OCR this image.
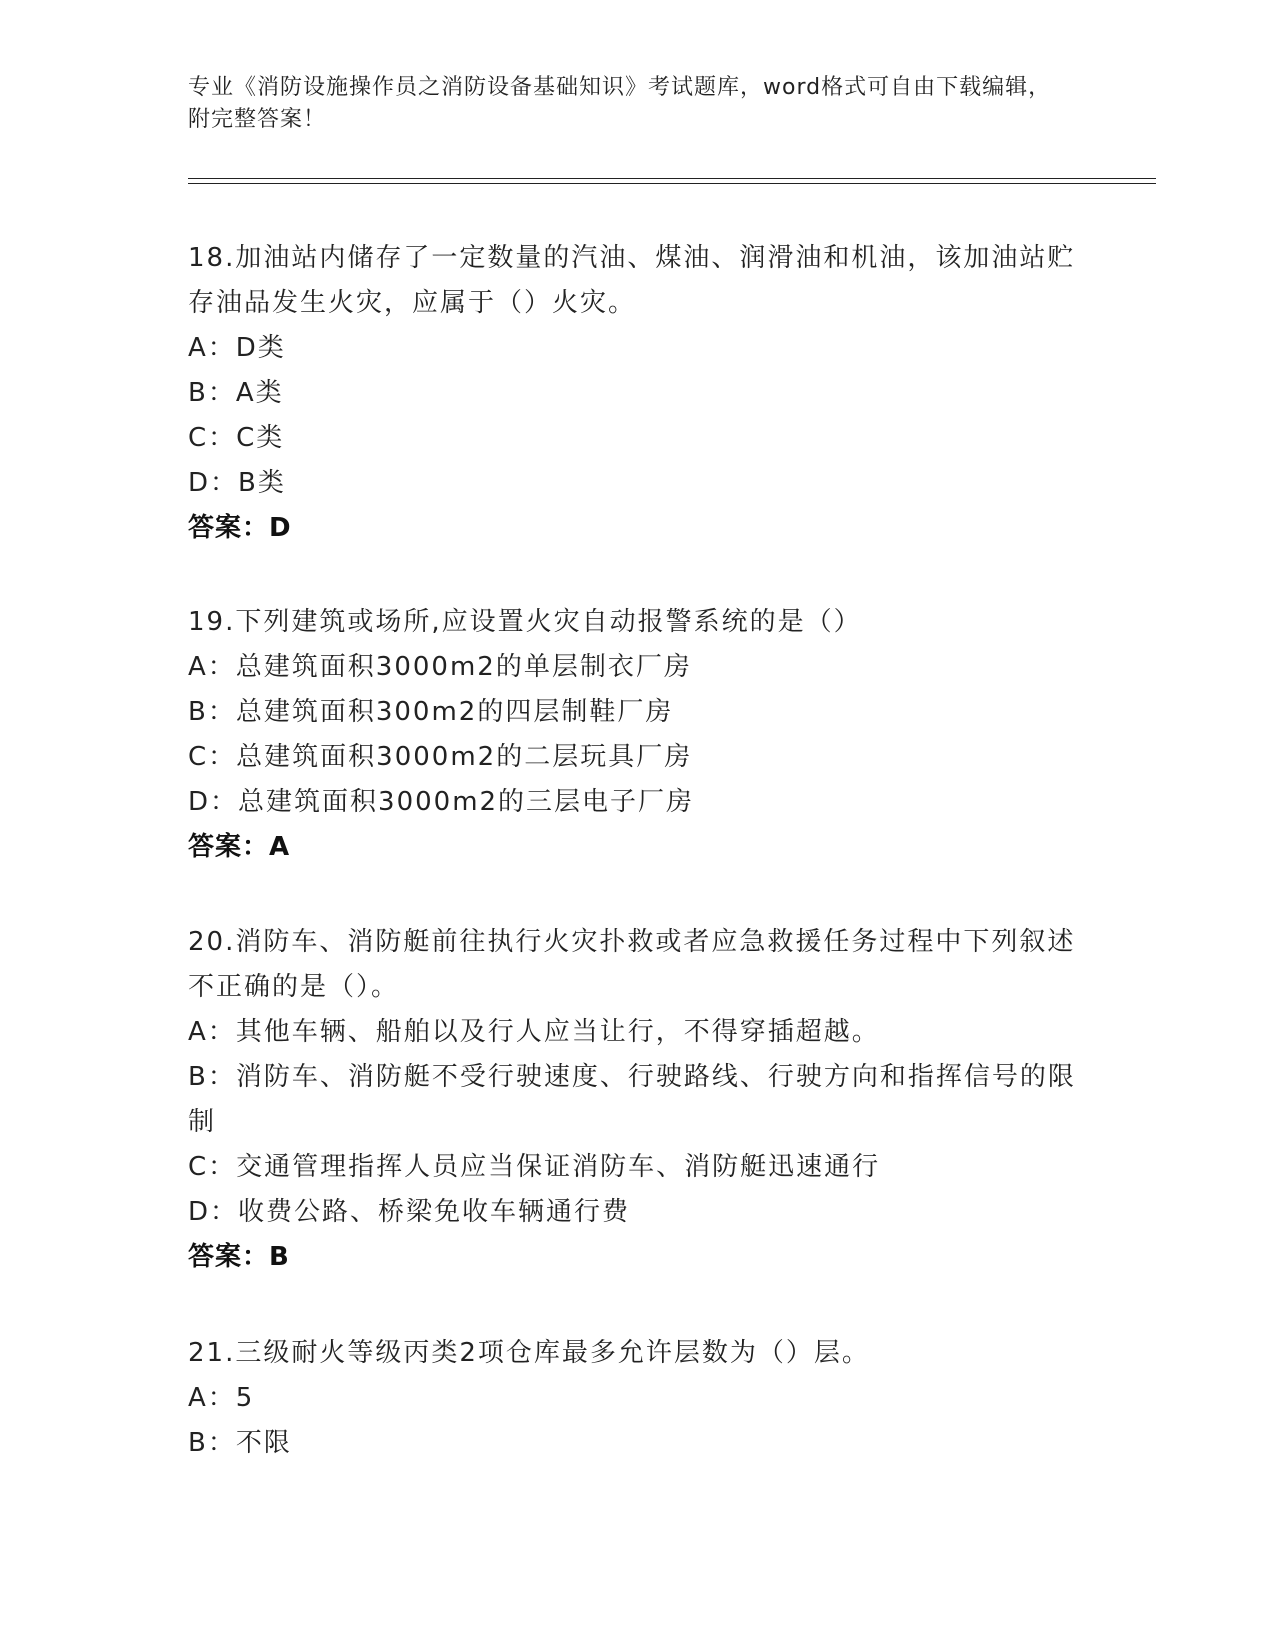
专业《消防设施操作员之消防设备基础知识》考试题库，word格式可自由下载编辑，附完整答案！

18.加油站内储存了一定数量的汽油、煤油、润滑油和机油，该加油站贮存油品发生火灾，应属于（）火灾。

A：D类

B：A类

C：C类

D：B类

答案：D

19.下列建筑或场所,应设置火灾自动报警系统的是（）

A：总建筑面积3000m2的单层制衣厂房

B：总建筑面积300m2的四层制鞋厂房

C：总建筑面积3000m2的二层玩具厂房

D：总建筑面积3000m2的三层电子厂房

答案：A

20.消防车、消防艇前往执行火灾扑救或者应急救援任务过程中下列叙述不正确的是（）。

A：其他车辆、船舶以及行人应当让行，不得穿插超越。

B：消防车、消防艇不受行驶速度、行驶路线、行驶方向和指挥信号的限制

C：交通管理指挥人员应当保证消防车、消防艇迅速通行

D：收费公路、桥梁免收车辆通行费

答案：B

21.三级耐火等级丙类2项仓库最多允许层数为（）层。

A：5

B：不限
